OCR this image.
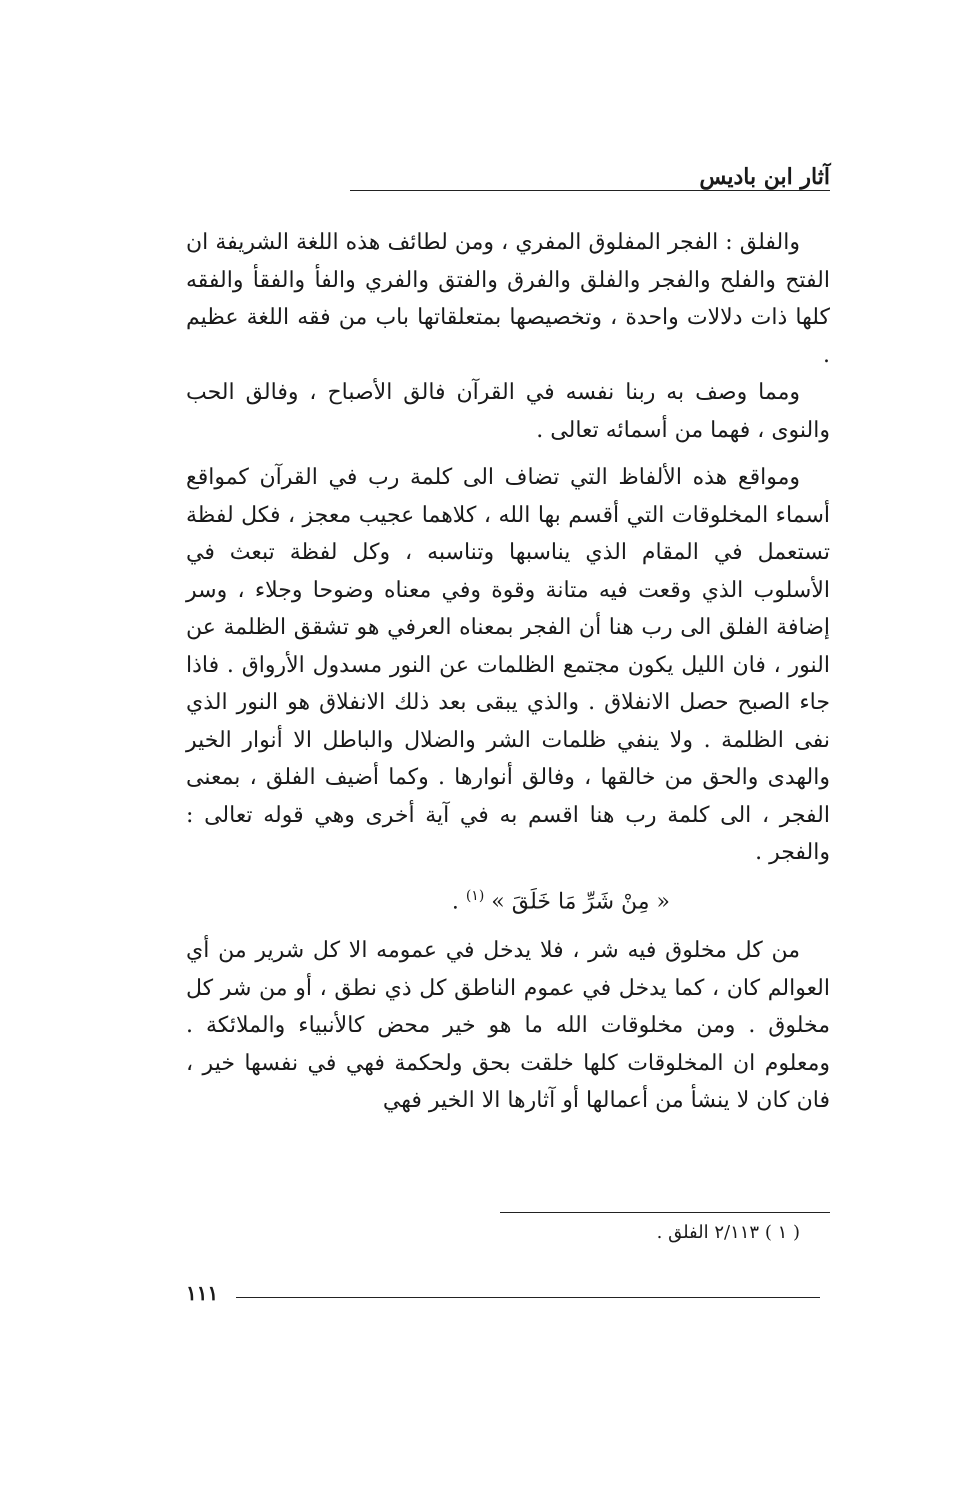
آثار ابن باديس

والفلق : الفجر المفلوق المفري ، ومن لطائف هذه اللغة الشريفة ان الفتح والفلح والفجر والفلق والفرق والفتق والفري والفأ والفقأ والفقه كلها ذات دلالات واحدة ، وتخصيصها بمتعلقاتها باب من فقه اللغة عظيم .

ومما وصف به ربنا نفسه في القرآن فالق الأصباح ، وفالق الحب والنوى ، فهما من أسمائه تعالى .

ومواقع هذه الألفاظ التي تضاف الى كلمة رب في القرآن كمواقع أسماء المخلوقات التي أقسم بها الله ، كلاهما عجيب معجز ، فكل لفظة تستعمل في المقام الذي يناسبها وتناسبه ، وكل لفظة تبعث في الأسلوب الذي وقعت فيه متانة وقوة وفي معناه وضوحا وجلاء ، وسر إضافة الفلق الى رب هنا أن الفجر بمعناه العرفي هو تشقق الظلمة عن النور ، فان الليل يكون مجتمع الظلمات عن النور مسدول الأرواق . فاذا جاء الصبح حصل الانفلاق . والذي يبقى بعد ذلك الانفلاق هو النور الذي نفى الظلمة . ولا ينفي ظلمات الشر والضلال والباطل الا أنوار الخير والهدى والحق من خالقها ، وفالق أنوارها . وكما أضيف الفلق ، بمعنى الفجر ، الى كلمة رب هنا اقسم به في آية أخرى وهي قوله تعالى : والفجر .

« مِنْ شَرِّ مَا خَلَقَ » $^{(١)}$ .

من كل مخلوق فيه شر ، فلا يدخل في عمومه الا كل شرير من أي العوالم كان ، كما يدخل في عموم الناطق كل ذي نطق ، أو من شر كل مخلوق . ومن مخلوقات الله ما هو خير محض كالأنبياء والملائكة . ومعلوم ان المخلوقات كلها خلقت بحق ولحكمة فهي في نفسها خير ، فان كان لا ينشأ من أعمالها أو آثارها الا الخير فهي

( ١ ) ٢/١١٣ الفلق .
١١١
